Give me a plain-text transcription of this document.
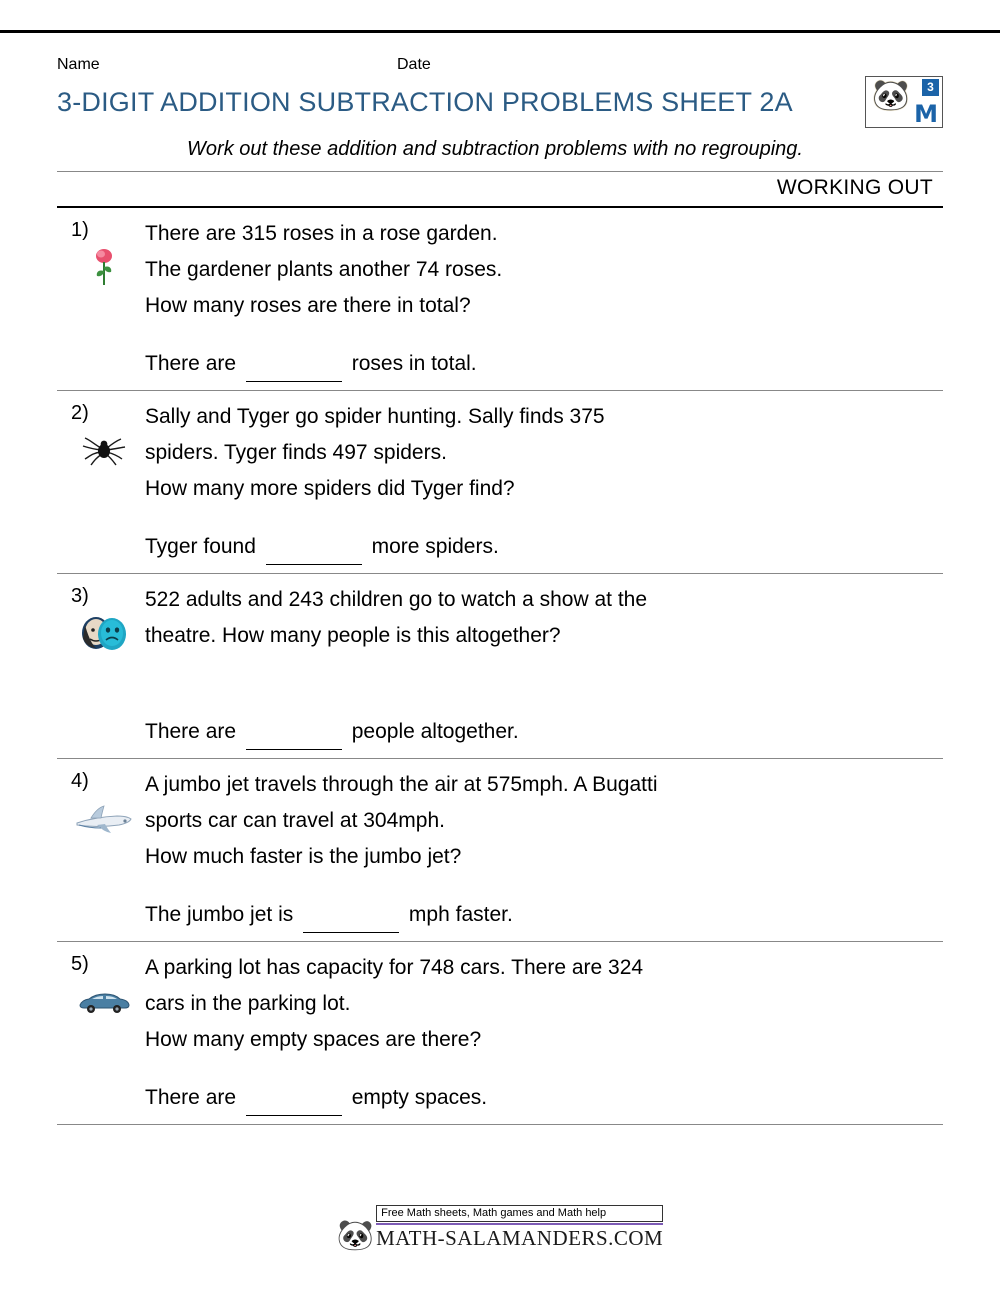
Name	Date
3-DIGIT ADDITION SUBTRACTION PROBLEMS SHEET 2A	🐼	3
M
Work out these addition and subtraction problems with no regrouping.
WORKING OUT
1)	There are 315 roses in a rose garden.
The gardener plants another 74 roses.
How many roses are there in total?
There are	roses in total.
2)	Sally and Tyger go spider hunting. Sally finds 375
spiders. Tyger finds 497 spiders.
How many more spiders did Tyger find?
Tyger found	more spiders.
3)	522 adults and 243 children go to watch a show at the
theatre. How many people is this altogether?
There are	people altogether.
4)	A jumbo jet travels through the air at 575mph. A Bugatti
sports car can travel at 304mph.
How much faster is the jumbo jet?
The jumbo jet is	mph faster.
5)	A parking lot has capacity for 748 cars. There are 324
cars in the parking lot.
How many empty spaces are there?
There are	empty spaces.
🐼
Free Math sheets, Math games and Math help
MATH-SALAMANDERS.COM
